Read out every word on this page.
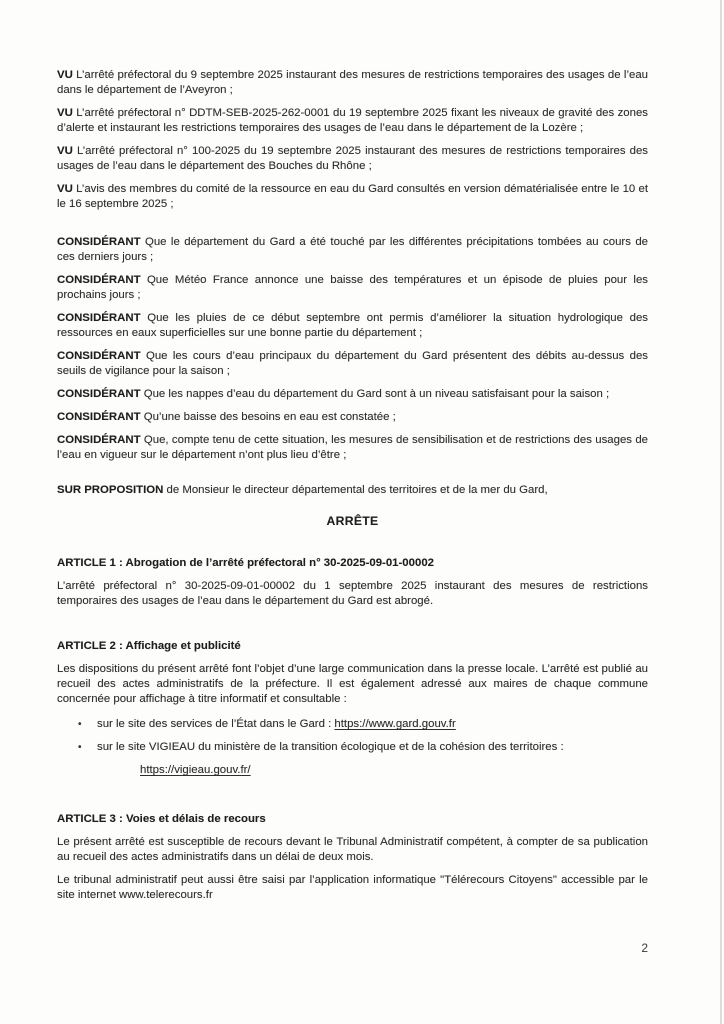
VU L’arrêté préfectoral du 9 septembre 2025 instaurant des mesures de restrictions temporaires des usages de l’eau dans le département de l’Aveyron ;

VU L’arrêté préfectoral n° DDTM-SEB-2025-262-0001 du 19 septembre 2025 fixant les niveaux de gravité des zones d’alerte et instaurant les restrictions temporaires des usages de l’eau dans le département de la Lozère ;

VU L’arrêté préfectoral n° 100-2025 du 19 septembre 2025 instaurant des mesures de restrictions temporaires des usages de l’eau dans le département des Bouches du Rhône ;

VU L’avis des membres du comité de la ressource en eau du Gard consultés en version dématérialisée entre le 10 et le 16 septembre 2025 ;

CONSIDÉRANT Que le département du Gard a été touché par les différentes précipitations tombées au cours de ces derniers jours ;

CONSIDÉRANT Que Météo France annonce une baisse des températures et un épisode de pluies pour les prochains jours ;

CONSIDÉRANT Que les pluies de ce début septembre ont permis d’améliorer la situation hydrologique des ressources en eaux superficielles sur une bonne partie du département ;

CONSIDÉRANT Que les cours d’eau principaux du département du Gard présentent des débits au-dessus des seuils de vigilance pour la saison ;

CONSIDÉRANT Que les nappes d’eau du département du Gard sont à un niveau satisfaisant pour la saison ;

CONSIDÉRANT Qu’une baisse des besoins en eau est constatée ;

CONSIDÉRANT Que, compte tenu de cette situation, les mesures de sensibilisation et de restrictions des usages de l’eau en vigueur sur le département n’ont plus lieu d’être ;

SUR PROPOSITION de Monsieur le directeur départemental des territoires et de la mer du Gard,

ARRÊTE
ARTICLE 1 : Abrogation de l’arrêté préfectoral n° 30-2025-09-01-00002

L’arrêté préfectoral n° 30-2025-09-01-00002 du 1 septembre 2025 instaurant des mesures de restrictions temporaires des usages de l’eau dans le département du Gard est abrogé.

ARTICLE 2 : Affichage et publicité

Les dispositions du présent arrêté font l’objet d’une large communication dans la presse locale. L’arrêté est publié au recueil des actes administratifs de la préfecture. Il est également adressé aux maires de chaque commune concernée pour affichage à titre informatif et consultable :

•	sur le site des services de l’État dans le Gard : https://www.gard.gouv.fr
•	sur le site VIGIEAU du ministère de la transition écologique et de la cohésion des territoires :
https://vigieau.gouv.fr/
ARTICLE 3 : Voies et délais de recours

Le présent arrêté est susceptible de recours devant le Tribunal Administratif compétent, à compter de sa publication au recueil des actes administratifs dans un délai de deux mois.

Le tribunal administratif peut aussi être saisi par l’application informatique "Télérecours Citoyens" accessible par le site internet www.telerecours.fr

2
